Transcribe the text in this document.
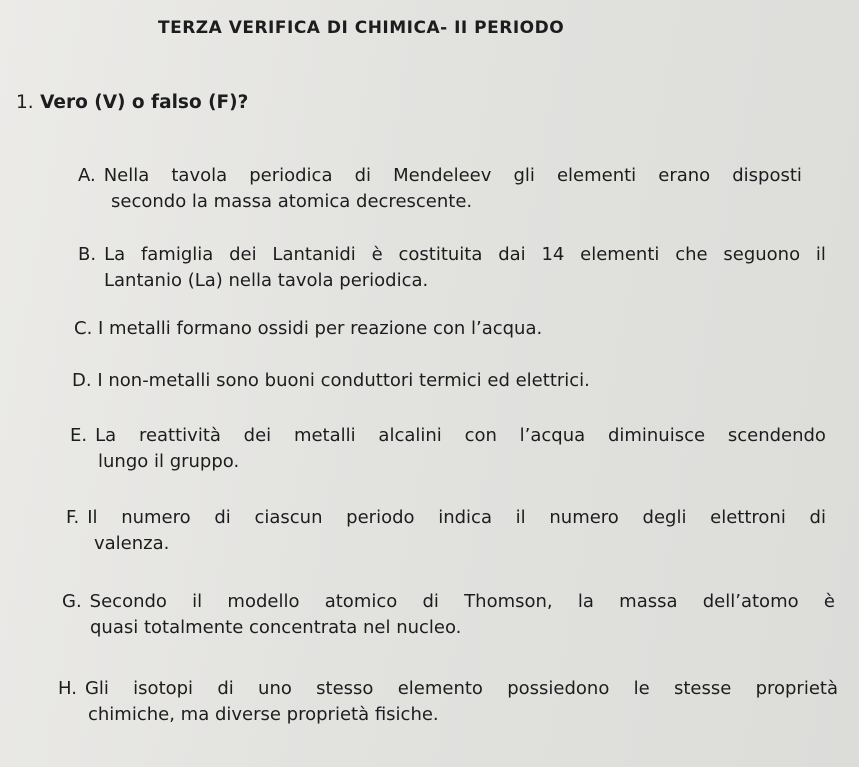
TERZA VERIFICA DI CHIMICA- II PERIODO
1. Vero (V) o falso (F)?
A. Nella tavola periodica di Mendeleev gli elementi erano disposti
secondo la massa atomica decrescente.
B. La famiglia dei Lantanidi è costituita dai 14 elementi che seguono il
Lantanio (La) nella tavola periodica.
C. I metalli formano ossidi per reazione con l’acqua.
D. I non-metalli sono buoni conduttori termici ed elettrici.
E. La reattività dei metalli alcalini con l’acqua diminuisce scendendo
lungo il gruppo.
F. Il numero di ciascun periodo indica il numero degli elettroni di
valenza.
G. Secondo il modello atomico di Thomson, la massa dell’atomo è
quasi totalmente concentrata nel nucleo.
H. Gli isotopi di uno stesso elemento possiedono le stesse proprietà
chimiche, ma diverse proprietà fisiche.
